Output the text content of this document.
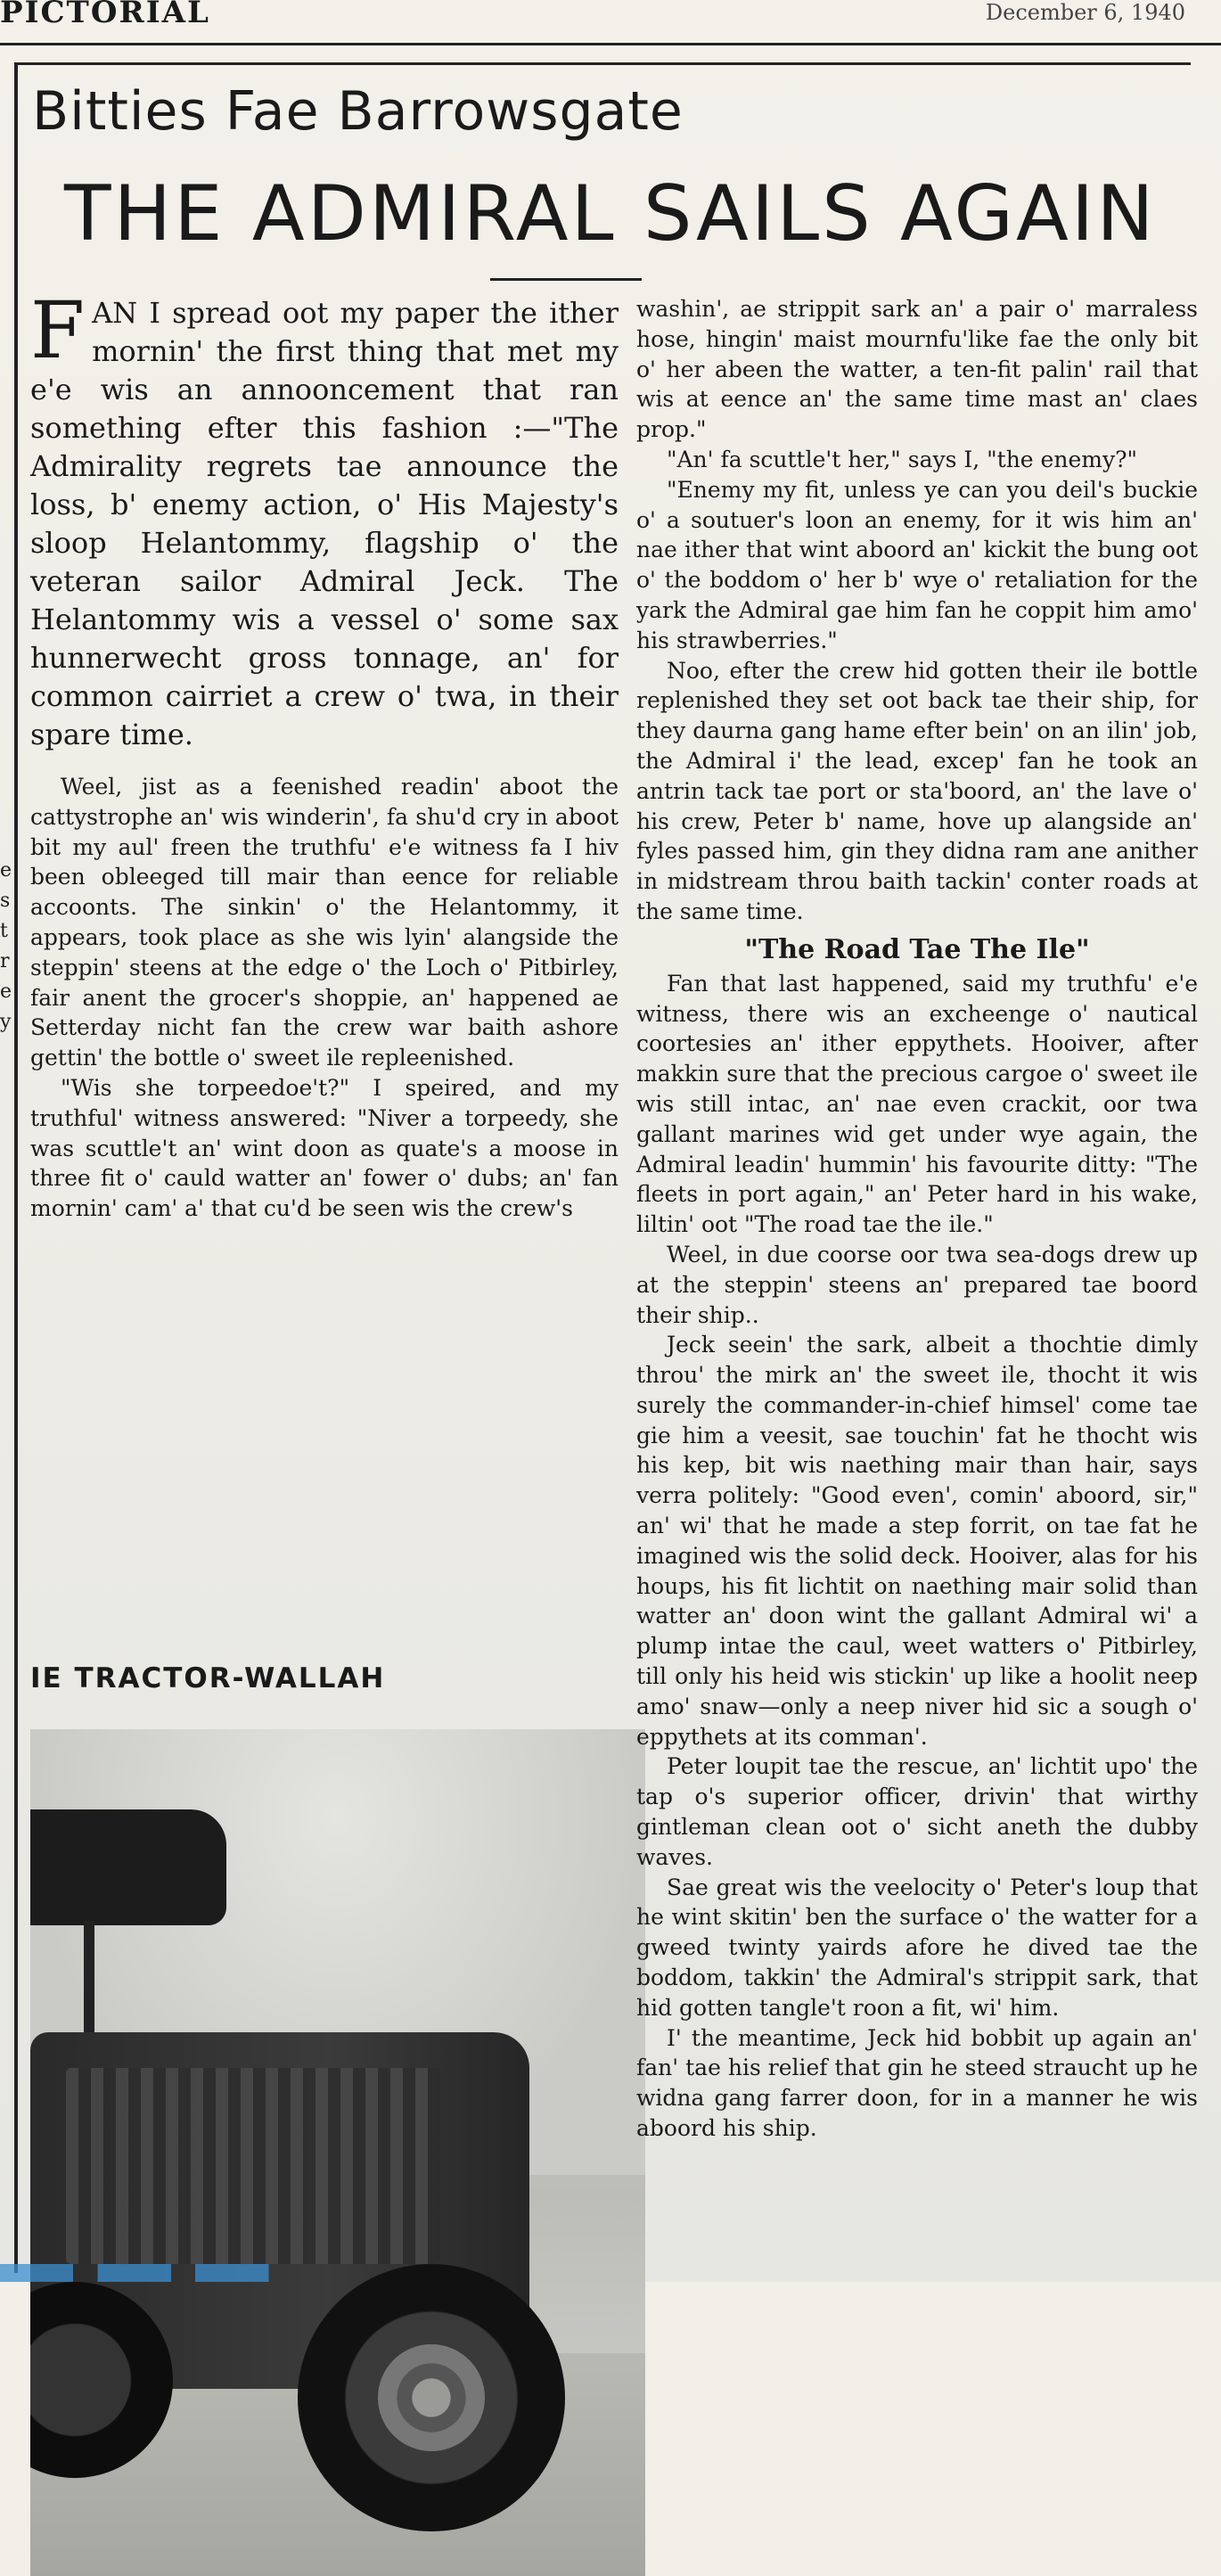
PICTORIAL	December 6, 1940
e
s
t
r
e
y
Bitties Fae Barrowsgate
THE ADMIRAL SAILS AGAIN

FAN I spread oot my paper the ither mornin' the first thing that met my e'e wis an annooncement that ran something efter this fashion :—"The Admirality regrets tae announce the loss, b' enemy action, o' His Majesty's sloop Helantommy, flagship o' the veteran sailor Admiral Jeck. The Helantommy wis a vessel o' some sax hunnerwecht gross tonnage, an' for common cairriet a crew o' twa, in their spare time.

Weel, jist as a feenished readin' aboot the cattystrophe an' wis winderin', fa shu'd cry in aboot bit my aul' freen the truthfu' e'e witness fa I hiv been obleeged till mair than eence for reliable accoonts. The sinkin' o' the Helantommy, it appears, took place as she wis lyin' alangside the steppin' steens at the edge o' the Loch o' Pitbirley, fair anent the grocer's shoppie, an' happened ae Setterday nicht fan the crew war baith ashore gettin' the bottle o' sweet ile repleenished.

"Wis she torpeedoe't?" I speired, and my truthful' witness answered: "Niver a torpeedy, she was scuttle't an' wint doon as quate's a moose in three fit o' cauld watter an' fower o' dubs; an' fan mornin' cam' a' that cu'd be seen wis the crew's

IE TRACTOR-WALLAH

washin', ae strippit sark an' a pair o' marraless hose, hingin' maist mournfu'like fae the only bit o' her abeen the watter, a ten-fit palin' rail that wis at eence an' the same time mast an' claes prop."

"An' fa scuttle't her," says I, "the enemy?"

"Enemy my fit, unless ye can you deil's buckie o' a soutuer's loon an enemy, for it wis him an' nae ither that wint aboord an' kickit the bung oot o' the boddom o' her b' wye o' retaliation for the yark the Admiral gae him fan he coppit him amo' his strawberries."

Noo, efter the crew hid gotten their ile bottle replenished they set oot back tae their ship, for they daurna gang hame efter bein' on an ilin' job, the Admiral i' the lead, excep' fan he took an antrin tack tae port or sta'boord, an' the lave o' his crew, Peter b' name, hove up alangside an' fyles passed him, gin they didna ram ane anither in midstream throu baith tackin' conter roads at the same time.

"The Road Tae The Ile"

Fan that last happened, said my truthfu' e'e witness, there wis an excheenge o' nautical coortesies an' ither eppythets. Hooiver, after makkin sure that the precious cargoe o' sweet ile wis still intac, an' nae even crackit, oor twa gallant marines wid get under wye again, the Admiral leadin' hummin' his favourite ditty: "The fleets in port again," an' Peter hard in his wake, liltin' oot "The road tae the ile."

Weel, in due coorse oor twa sea-dogs drew up at the steppin' steens an' prepared tae boord their ship..

Jeck seein' the sark, albeit a thochtie dimly throu' the mirk an' the sweet ile, thocht it wis surely the commander-in-chief himsel' come tae gie him a veesit, sae touchin' fat he thocht wis his kep, bit wis naething mair than hair, says verra politely: "Good even', comin' aboord, sir," an' wi' that he made a step forrit, on tae fat he imagined wis the solid deck. Hooiver, alas for his houps, his fit lichtit on naething mair solid than watter an' doon wint the gallant Admiral wi' a plump intae the caul, weet watters o' Pitbirley, till only his heid wis stickin' up like a hoolit neep amo' snaw—only a neep niver hid sic a sough o' eppythets at its comman'.

Peter loupit tae the rescue, an' lichtit upo' the tap o's superior officer, drivin' that wirthy gintleman clean oot o' sicht aneth the dubby waves.

Sae great wis the veelocity o' Peter's loup that he wint skitin' ben the surface o' the watter for a gweed twinty yairds afore he dived tae the boddom, takkin' the Admiral's strippit sark, that hid gotten tangle't roon a fit, wi' him.

I' the meantime, Jeck hid bobbit up again an' fan' tae his relief that gin he steed straucht up he widna gang farrer doon, for in a manner he wis aboord his ship.
